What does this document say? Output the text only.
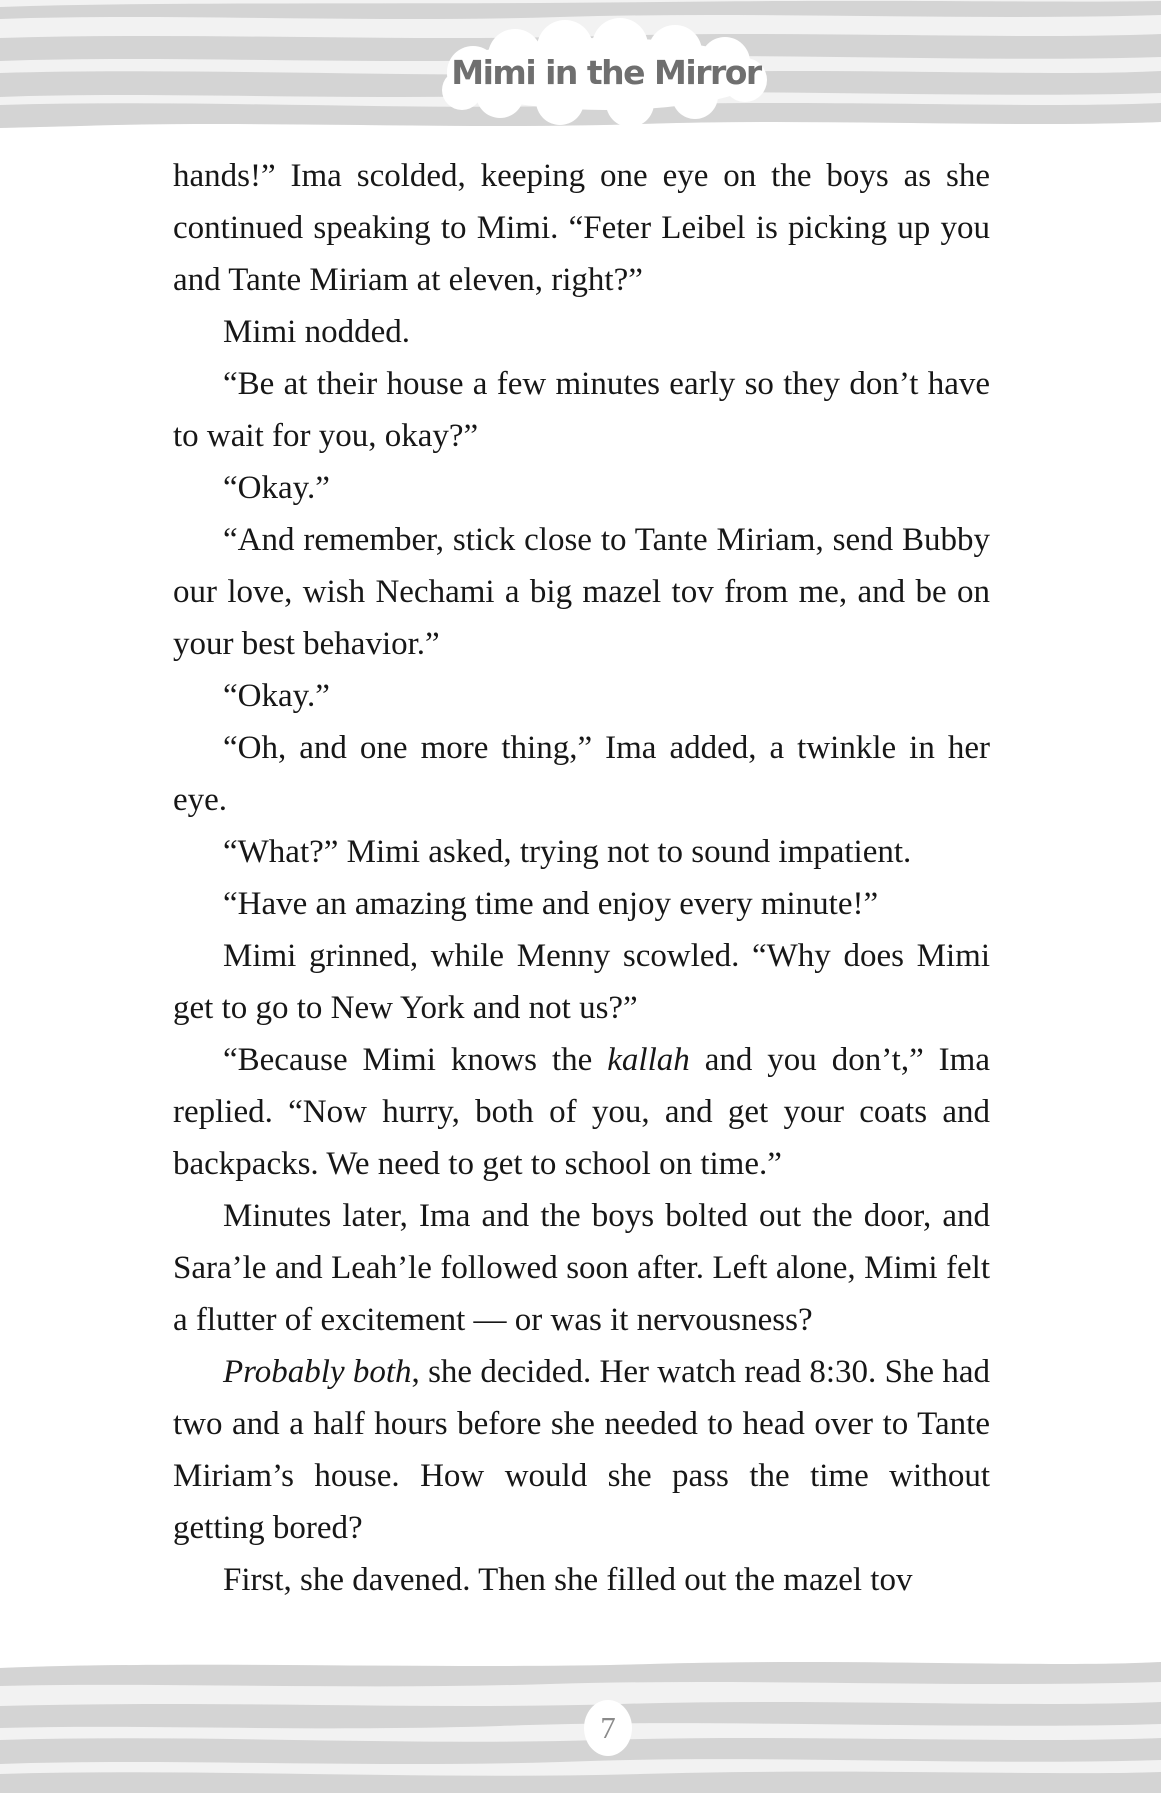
Mimi in the Mirror

hands!” Ima scolded, keeping one eye on the boys as she continued speaking to Mimi. “Feter Leibel is picking up you and Tante Miriam at eleven, right?”

Mimi nodded.

“Be at their house a few minutes early so they don’t have to wait for you, okay?”

“Okay.”

“And remember, stick close to Tante Miriam, send Bubby our love, wish Nechami a big mazel tov from me, and be on your best behavior.”

“Okay.”

“Oh, and one more thing,” Ima added, a twinkle in her eye.

“What?” Mimi asked, trying not to sound impatient.

“Have an amazing time and enjoy every minute!”

Mimi grinned, while Menny scowled. “Why does Mimi get to go to New York and not us?”

“Because Mimi knows the kallah and you don’t,” Ima replied. “Now hurry, both of you, and get your coats and backpacks. We need to get to school on time.”

Minutes later, Ima and the boys bolted out the door, and Sara’le and Leah’le followed soon after. Left alone, Mimi felt a flutter of excitement — or was it nervousness?

Probably both, she decided. Her watch read 8:30. She had two and a half hours before she needed to head over to Tante Miriam’s house. How would she pass the time without getting bored?

First, she davened. Then she filled out the mazel tov

7
